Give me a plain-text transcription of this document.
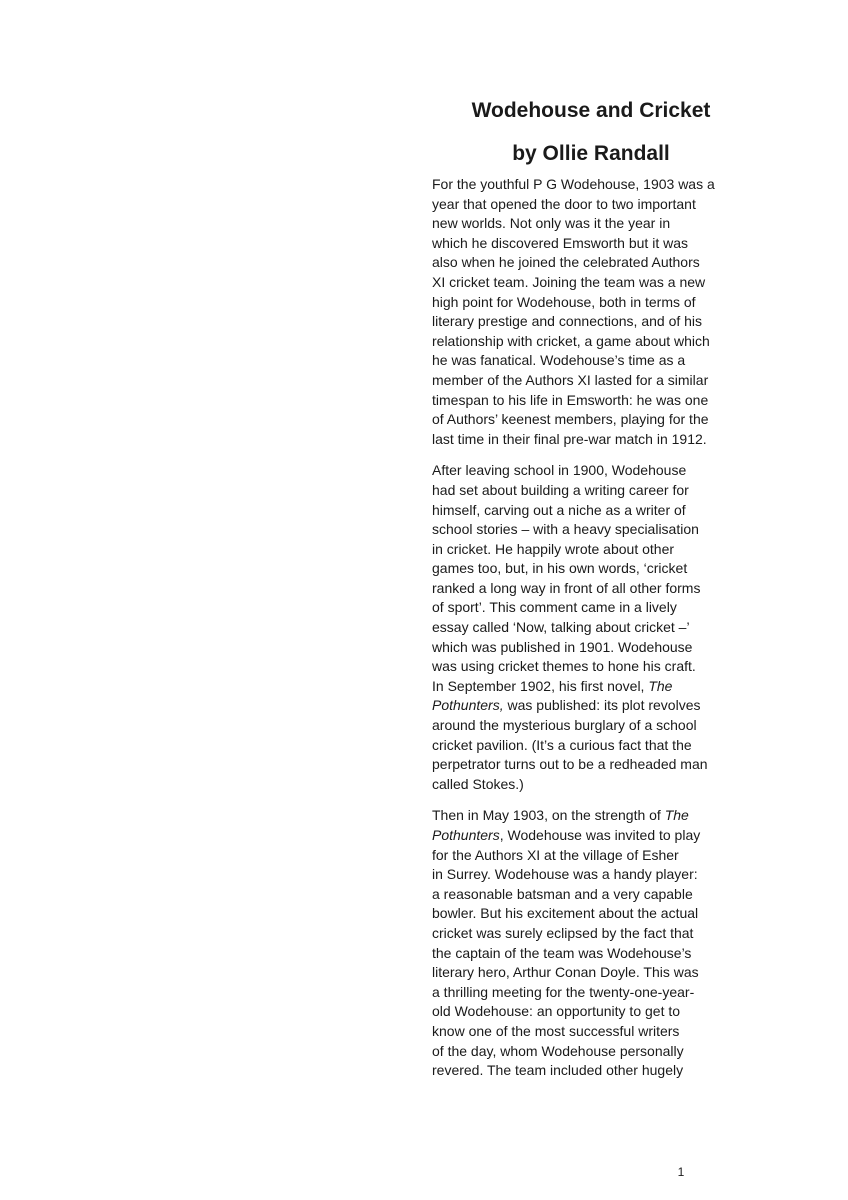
Wodehouse and Cricket
by Ollie Randall

For the youthful P G Wodehouse, 1903 was a
year that opened the door to two important
new worlds. Not only was it the year in
which he discovered Emsworth but it was
also when he joined the celebrated Authors
XI cricket team. Joining the team was a new
high point for Wodehouse, both in terms of
literary prestige and connections, and of his
relationship with cricket, a game about which
he was fanatical. Wodehouse’s time as a
member of the Authors XI lasted for a similar
timespan to his life in Emsworth: he was one
of Authors’ keenest members, playing for the
last time in their final pre-war match in 1912.

After leaving school in 1900, Wodehouse
had set about building a writing career for
himself, carving out a niche as a writer of
school stories – with a heavy specialisation
in cricket. He happily wrote about other
games too, but, in his own words, ‘cricket
ranked a long way in front of all other forms
of sport’. This comment came in a lively
essay called ‘Now, talking about cricket –’
which was published in 1901. Wodehouse
was using cricket themes to hone his craft.
In September 1902, his first novel, The
Pothunters, was published: its plot revolves
around the mysterious burglary of a school
cricket pavilion. (It’s a curious fact that the
perpetrator turns out to be a redheaded man
called Stokes.)

Then in May 1903, on the strength of The
Pothunters, Wodehouse was invited to play
for the Authors XI at the village of Esher
in Surrey. Wodehouse was a handy player:
a reasonable batsman and a very capable
bowler. But his excitement about the actual
cricket was surely eclipsed by the fact that
the captain of the team was Wodehouse’s
literary hero, Arthur Conan Doyle. This was
a thrilling meeting for the twenty-one-year-
old Wodehouse: an opportunity to get to
know one of the most successful writers
of the day, whom Wodehouse personally
revered. The team included other hugely

1
